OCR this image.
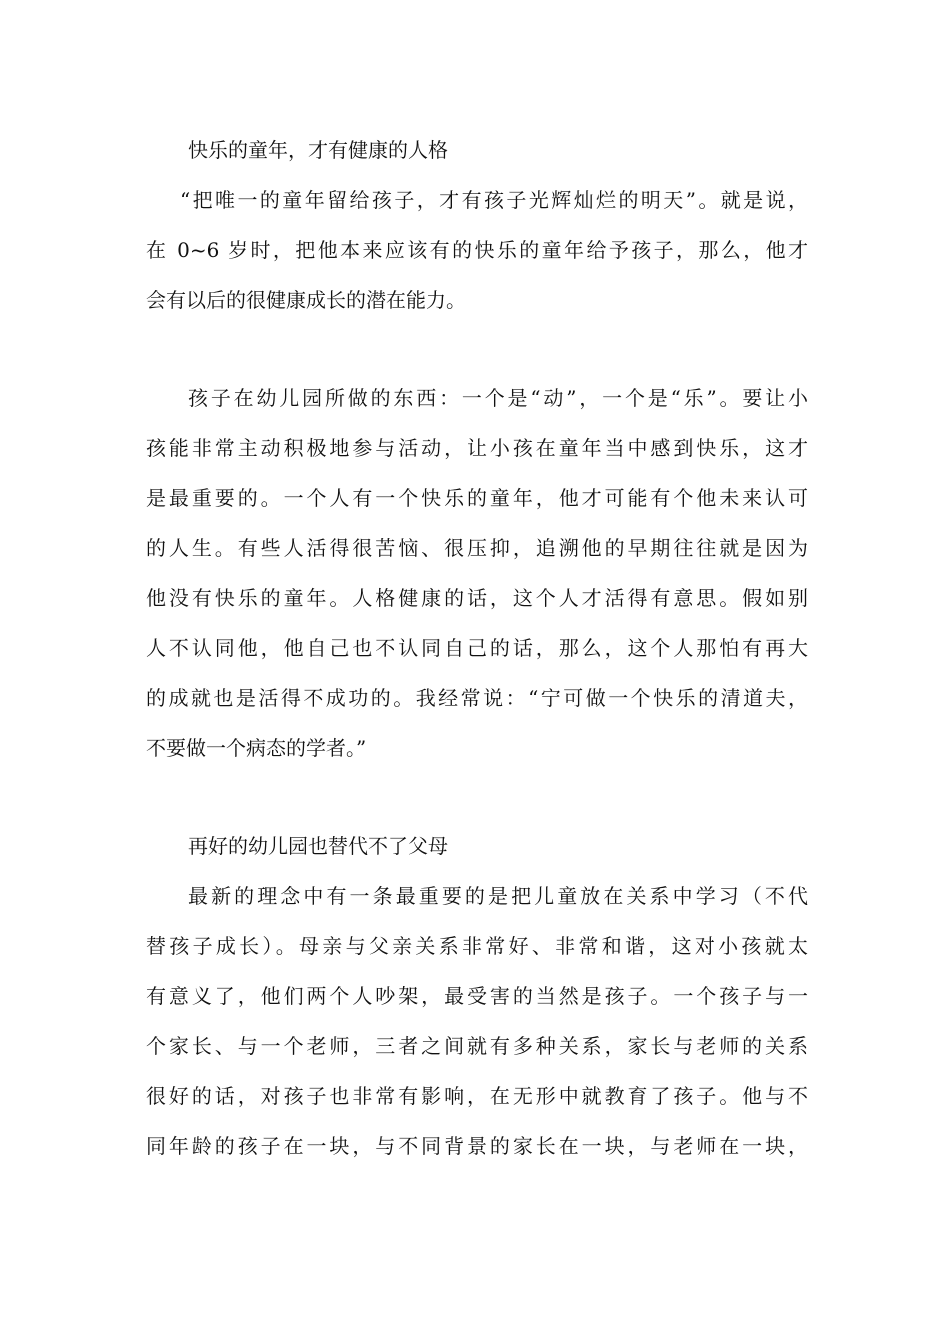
快乐的童年，才有健康的人格
“把唯一的童年留给孩子，才有孩子光辉灿烂的明天”。就是说，
在 0~6 岁时，把他本来应该有的快乐的童年给予孩子，那么，他才
会有以后的很健康成长的潜在能力。
孩子在幼儿园所做的东西：一个是“动”，一个是“乐”。要让小
孩能非常主动积极地参与活动，让小孩在童年当中感到快乐，这才
是最重要的。一个人有一个快乐的童年，他才可能有个他未来认可
的人生。有些人活得很苦恼、很压抑，追溯他的早期往往就是因为
他没有快乐的童年。人格健康的话，这个人才活得有意思。假如别
人不认同他，他自己也不认同自己的话，那么，这个人那怕有再大
的成就也是活得不成功的。我经常说：“宁可做一个快乐的清道夫，
不要做一个病态的学者。”
再好的幼儿园也替代不了父母
最新的理念中有一条最重要的是把儿童放在关系中学习（不代
替孩子成长）。母亲与父亲关系非常好、非常和谐，这对小孩就太
有意义了，他们两个人吵架，最受害的当然是孩子。一个孩子与一
个家长、与一个老师，三者之间就有多种关系，家长与老师的关系
很好的话，对孩子也非常有影响，在无形中就教育了孩子。他与不
同年龄的孩子在一块，与不同背景的家长在一块，与老师在一块，
